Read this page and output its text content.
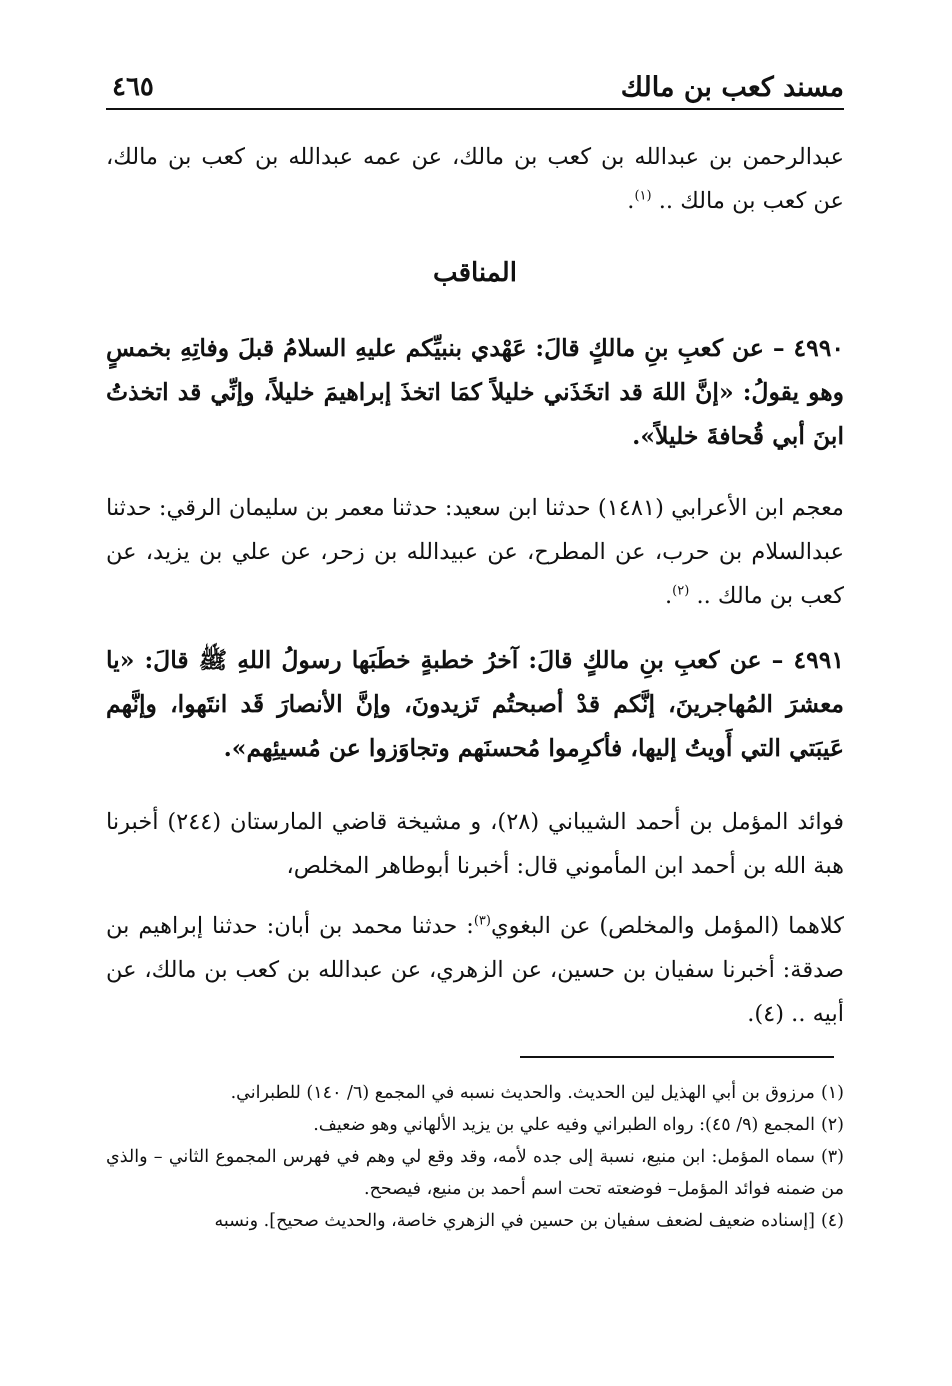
مسند كعب بن مالك
٤٦٥

عبدالرحمن بن عبدالله بن كعب بن مالك، عن عمه عبدالله بن كعب بن مالك، عن كعب بن مالك .. $^{(١)}$.

المناقب

٤٩٩٠ – عن كعبِ بنِ مالكٍ قالَ: عَهْدي بنبيِّكم عليهِ السلامُ قبلَ وفاتِهِ بخمسٍ وهو يقولُ: «إنَّ اللهَ قد اتخَذَني خليلاً كمَا اتخذَ إبراهيمَ خليلاً، وإنِّي قد اتخذتُ ابنَ أبي قُحافةَ خليلاً».

معجم ابن الأعرابي (١٤٨١) حدثنا ابن سعيد: حدثنا معمر بن سليمان الرقي: حدثنا عبدالسلام بن حرب، عن المطرح، عن عبيدالله بن زحر، عن علي بن يزيد، عن كعب بن مالك .. $^{(٢)}$.

٤٩٩١ – عن كعبِ بنِ مالكٍ قالَ: آخرُ خطبةٍ خطَبَها رسولُ اللهِ ﷺ قالَ: «يا معشرَ المُهاجرينَ، إنَّكم قدْ أصبحتُم تَزيدونَ، وإنَّ الأنصارَ قَد انتَهوا، وإنَّهم عَيبَتي التي أَويتُ إليها، فأكرِموا مُحسنَهم وتجاوَزوا عن مُسيئِهم».

فوائد المؤمل بن أحمد الشيباني (٢٨)، و مشيخة قاضي المارستان (٢٤٤) أخبرنا هبة الله بن أحمد ابن المأموني قال: أخبرنا أبوطاهر المخلص،

كلاهما (المؤمل والمخلص) عن البغوي$^{(٣)}$: حدثنا محمد بن أبان: حدثنا إبراهيم بن صدقة: أخبرنا سفيان بن حسين، عن الزهري، عن عبدالله بن كعب بن مالك، عن أبيه .. (٤).

(١)مرزوق بن أبي الهذيل لين الحديث. والحديث نسبه في المجمع (٦/ ١٤٠) للطبراني.
(٢)المجمع (٩/ ٤٥): رواه الطبراني وفيه علي بن يزيد الألهاني وهو ضعيف.
(٣)سماه المؤمل: ابن منيع، نسبة إلى جده لأمه، وقد وقع لي وهم في فهرس المجموع الثاني – والذي من ضمنه فوائد المؤمل– فوضعته تحت اسم أحمد بن منيع، فيصحح.
(٤)[إسناده ضعيف لضعف سفيان بن حسين في الزهري خاصة، والحديث صحيح]. ونسبه
